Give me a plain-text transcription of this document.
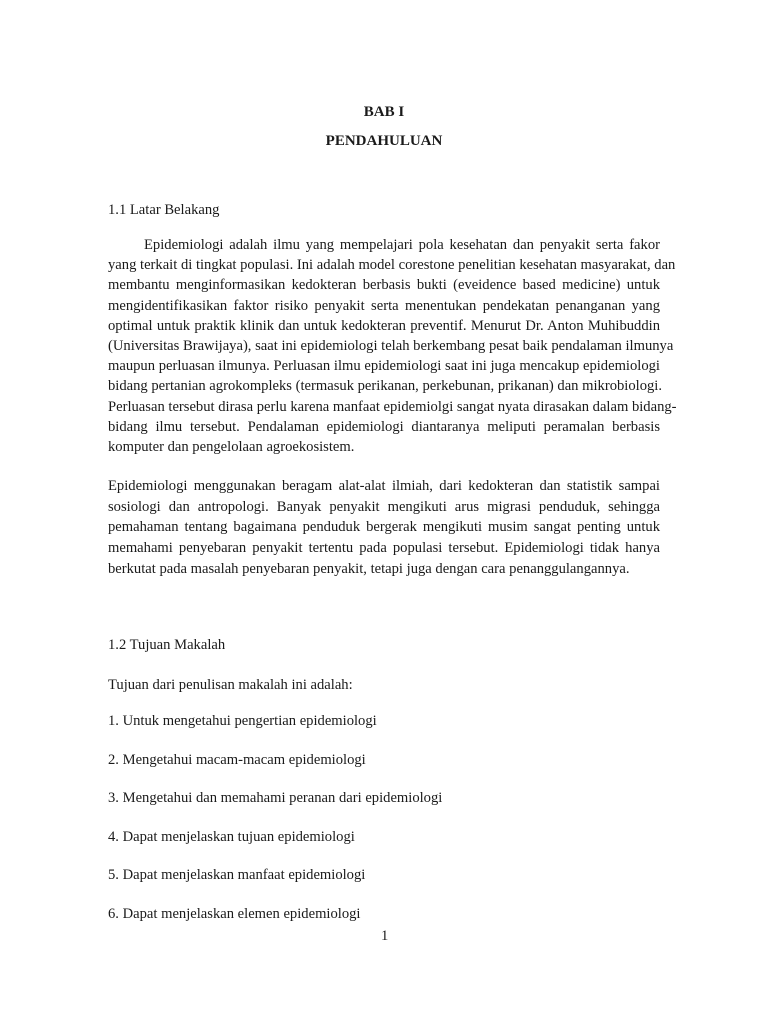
BAB I
PENDAHULUAN
1.1 Latar Belakang
Epidemiologi adalah ilmu yang mempelajari pola kesehatan dan penyakit serta fakor
yang terkait di tingkat populasi. Ini adalah model corestone penelitian kesehatan masyarakat, dan
membantu menginformasikan kedokteran berbasis bukti (eveidence based medicine) untuk
mengidentifikasikan faktor risiko penyakit serta menentukan pendekatan penanganan yang
optimal untuk praktik klinik dan untuk kedokteran preventif. Menurut Dr. Anton Muhibuddin
(Universitas Brawijaya), saat ini epidemiologi telah berkembang pesat baik pendalaman ilmunya
maupun perluasan ilmunya. Perluasan ilmu epidemiologi saat ini juga mencakup epidemiologi
bidang pertanian agrokompleks (termasuk perikanan, perkebunan, prikanan) dan mikrobiologi.
Perluasan tersebut dirasa perlu karena manfaat epidemiolgi sangat nyata dirasakan dalam bidang-
bidang ilmu tersebut. Pendalaman epidemiologi diantaranya meliputi peramalan berbasis
komputer dan pengelolaan agroekosistem.
Epidemiologi menggunakan beragam alat-alat ilmiah, dari kedokteran dan statistik sampai
sosiologi dan antropologi. Banyak penyakit mengikuti arus migrasi penduduk, sehingga
pemahaman tentang bagaimana penduduk bergerak mengikuti musim sangat penting untuk
memahami penyebaran penyakit tertentu pada populasi tersebut. Epidemiologi tidak hanya
berkutat pada masalah penyebaran penyakit, tetapi juga dengan cara penanggulangannya.
1.2 Tujuan Makalah
Tujuan dari penulisan makalah ini adalah:
1. Untuk mengetahui pengertian epidemiologi
2. Mengetahui macam-macam epidemiologi
3. Mengetahui dan memahami peranan dari epidemiologi
4. Dapat menjelaskan tujuan epidemiologi
5. Dapat menjelaskan manfaat epidemiologi
6. Dapat menjelaskan elemen epidemiologi
1
